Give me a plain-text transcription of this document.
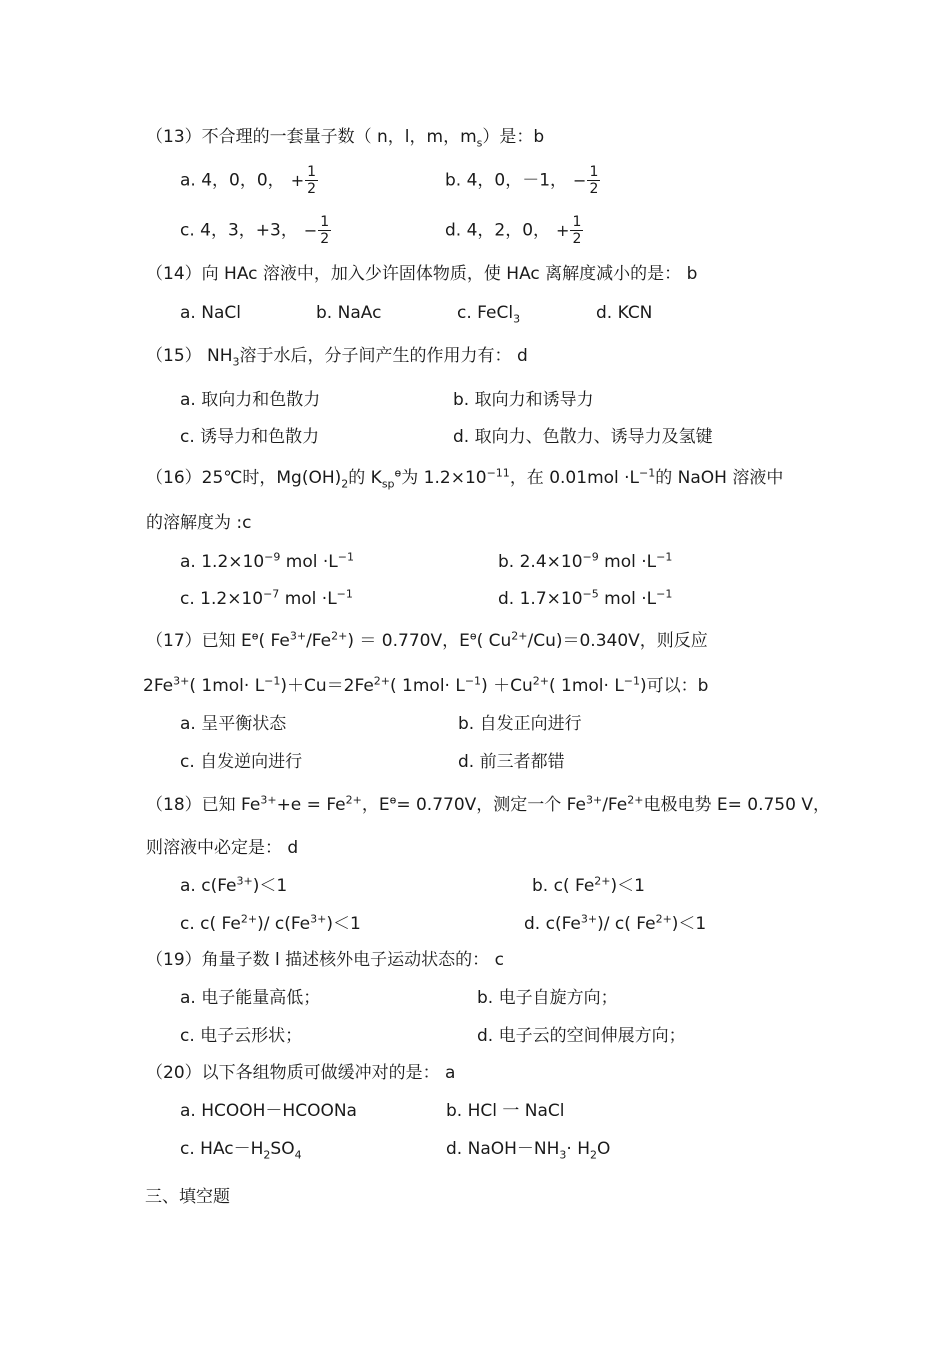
（13）不合理的一套量子数（ n，l，m，$m_s$）是：b
a. 4，0，0， + $\frac{1}{2}$	b. 4，0，－1， − $\frac{1}{2}$
c. 4，3，+3， − $\frac{1}{2}$	d. 4，2，0， + $\frac{1}{2}$
（14）向 HAc 溶液中，加入少许固体物质，使 HAc 离解度减小的是： b
a. NaCl	b. NaAc	c. FeCl$_3$	d. KCN
（15） $NH_3$溶于水后，分子间产生的作用力有： d
a. 取向力和色散力	b. 取向力和诱导力
c. 诱导力和色散力	d. 取向力、色散力、诱导力及氢键
（16）25℃时，$Mg(OH)_2$的 $K_{sp}^ө$为 $1.2\times 10^{-11}$，在 $0.01mol \cdot L^{-1}$的 NaOH 溶液中
的溶解度为 :c
a. $1.2\times 10^{-9}$ mol $\cdot L^{-1}$	b. $2.4\times 10^{-9}$ mol $\cdot L^{-1}$
c. $1.2\times 10^{-7}$ mol $\cdot L^{-1}$	d. $1.7\times 10^{-5}$ mol $\cdot L^{-1}$
（17）已知 $E^ө$( $Fe^{3+}/Fe^{2+}) = 0.770V$，$E^ө$( $Cu^{2+}/Cu)=0.340V$，则反应
$2Fe^{3+}$( $1mol\cdot L^{-1})+Cu=2Fe^{2+}$( $1mol\cdot L^{-1}) +Cu^{2+}$( $1mol\cdot L^{-1}$)可以：b
a. 呈平衡状态	b. 自发正向进行
c. 自发逆向进行	d. 前三者都错
（18）已知 $Fe^{3+}+e = Fe^{2+}$，$E^ө= 0.770V$，测定一个 $Fe^{3+}/Fe^{2+}$电极电势 E= 0.750 V，
则溶液中必定是： d
a. $c(Fe^{3+})<1$	b. c( $Fe^{2+})<1$
c. c( $Fe^{2+})/$ $c(Fe^{3+})<1$	d. $c(Fe^{3+})/$ c( $Fe^{2+})<1$
（19）角量子数 l 描述核外电子运动状态的： c
a. 电子能量高低；	b. 电子自旋方向；
c. 电子云形状；	d. 电子云的空间伸展方向；
（20）以下各组物质可做缓冲对的是： a
a. HCOOH－HCOONa	b. HCl 一 NaCl
c. $HAc-H_2SO_4$	d. $NaOH-NH_3\cdot H_2O$
三、填空题
